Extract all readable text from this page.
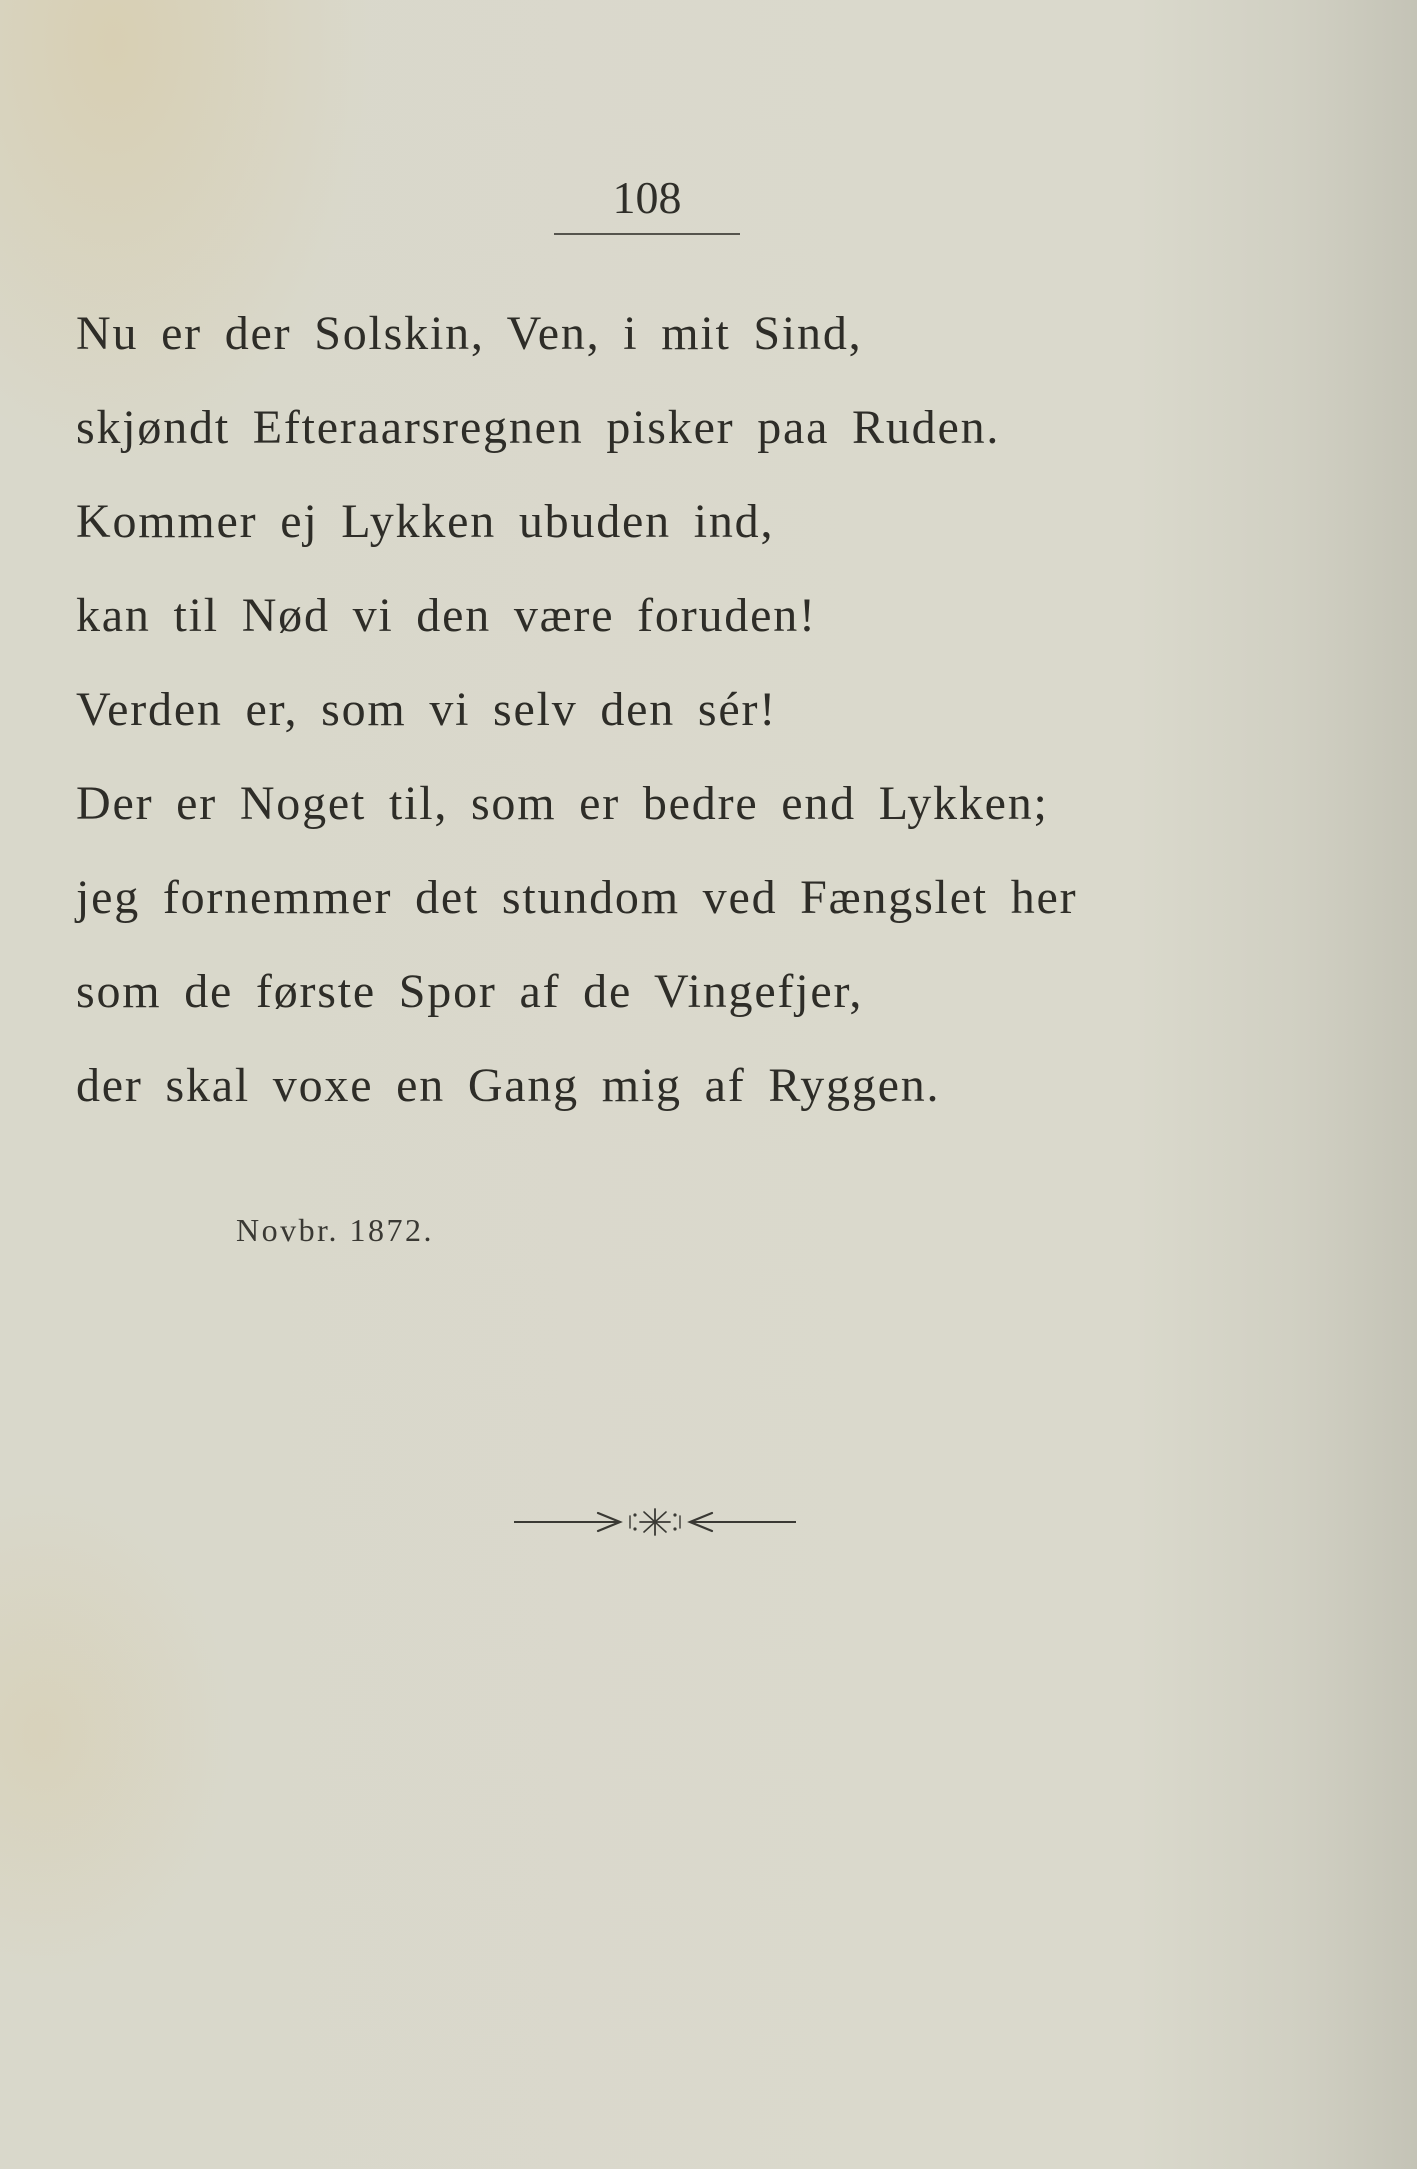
108
Nu er der Solskin, Ven, i mit Sind,
skjøndt Efteraarsregnen pisker paa Ruden.
Kommer ej Lykken ubuden ind,
kan til Nød vi den være foruden!
Verden er, som vi selv den sér!
Der er Noget til, som er bedre end Lykken;
jeg fornemmer det stundom ved Fængslet her
som de første Spor af de Vingefjer,
der skal voxe en Gang mig af Ryggen.
Novbr. 1872.
